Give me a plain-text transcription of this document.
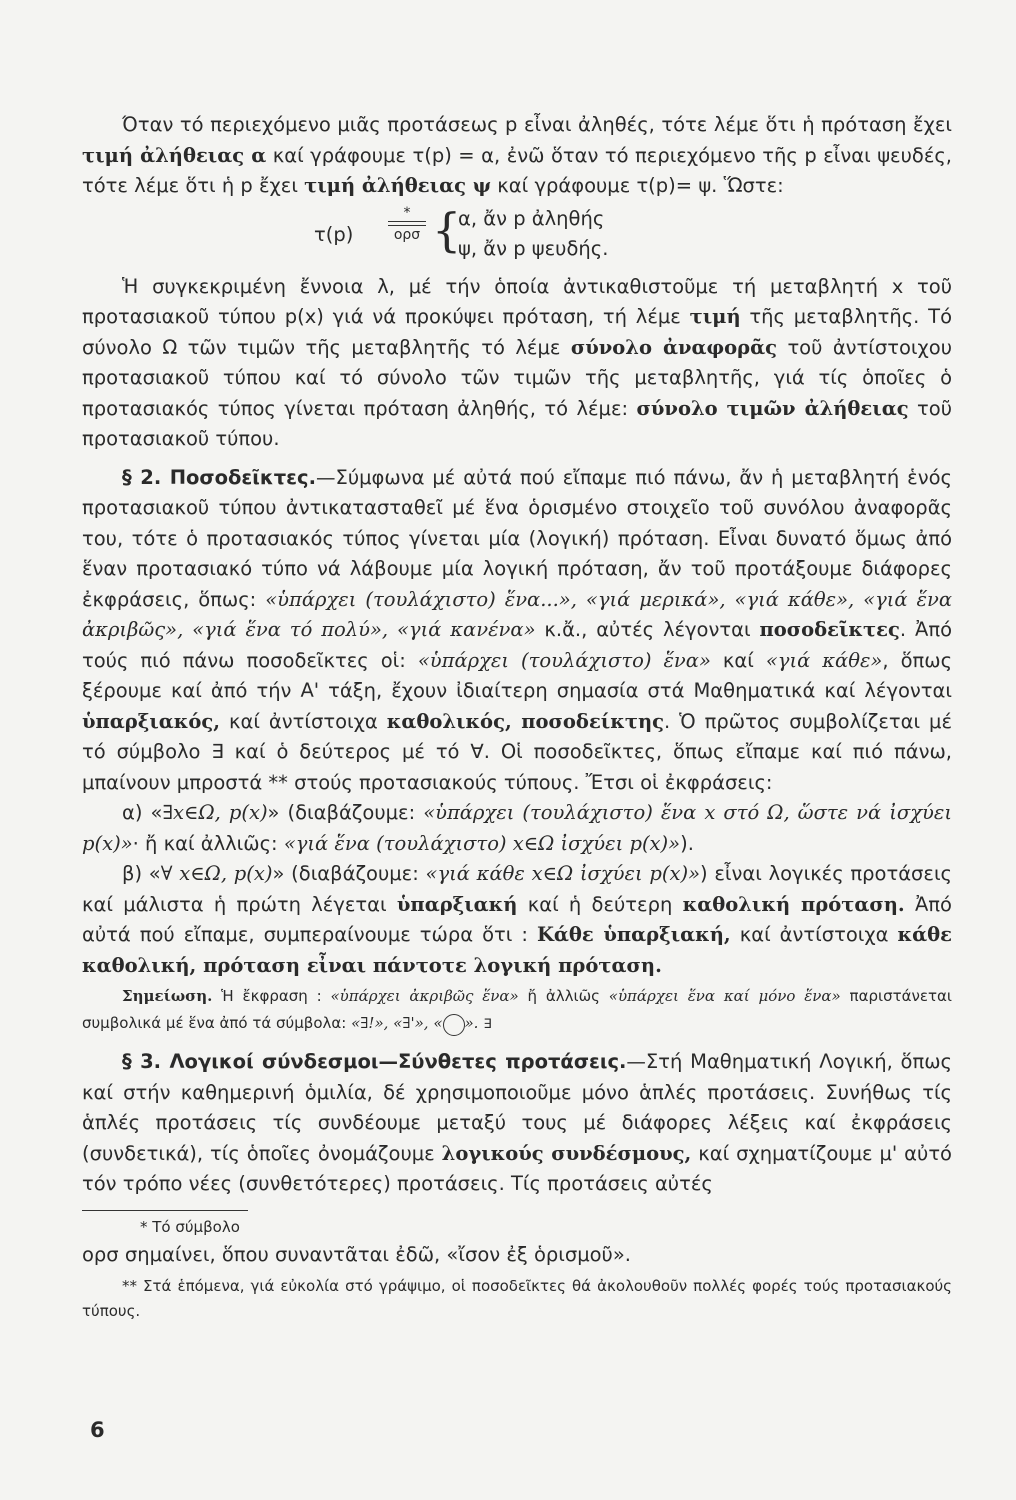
Όταν τό περιεχόμενο μιᾶς προτάσεως p εἶναι ἀληθές, τότε λέμε ὅτι ἡ πρόταση ἔχει τιμή ἀλήθειας α καί γράφουμε τ(p) = α, ἐνῶ ὅταν τό περιεχόμενο τῆς p εἶναι ψευδές, τότε λέμε ὅτι ἡ p ἔχει τιμή ἀλήθειας ψ καί γράφουμε τ(p)= ψ. Ὥστε:

τ(p)
*
ορσ {
α, ἄν p ἀληθής
ψ, ἄν p ψευδής.

Ἡ συγκεκριμένη ἔννοια λ, μέ τήν ὁποία ἀντικαθιστοῦμε τή μεταβλητή x τοῦ προτασιακοῦ τύπου p(x) γιά νά προκύψει πρόταση, τή λέμε τιμή τῆς μεταβλητῆς. Τό σύνολο Ω τῶν τιμῶν τῆς μεταβλητῆς τό λέμε σύνολο ἀναφορᾶς τοῦ ἀντίστοιχου προτασιακοῦ τύπου καί τό σύνολο τῶν τιμῶν τῆς μεταβλητῆς, γιά τίς ὁποῖες ὁ προτασιακός τύπος γίνεται πρόταση ἀληθής, τό λέμε: σύνολο τιμῶν ἀλήθειας τοῦ προτασιακοῦ τύπου.

§ 2. Ποσοδεῖκτες.—Σύμφωνα μέ αὐτά πού εἴπαμε πιό πάνω, ἄν ἡ μεταβλητή ἑνός προτασιακοῦ τύπου ἀντικατασταθεῖ μέ ἕνα ὁρισμένο στοιχεῖο τοῦ συνόλου ἀναφορᾶς του, τότε ὁ προτασιακός τύπος γίνεται μία (λογική) πρόταση. Εἶναι δυνατό ὅμως ἀπό ἕναν προτασιακό τύπο νά λάβουμε μία λογική πρόταση, ἄν τοῦ προτάξουμε διάφορες ἐκφράσεις, ὅπως: «ὑπάρχει (τουλάχιστο) ἕνα...», «γιά μερικά», «γιά κάθε», «γιά ἕνα ἀκριβῶς», «γιά ἕνα τό πολύ», «γιά κανένα» κ.ἄ., αὐτές λέγονται ποσοδεῖκτες. Ἀπό τούς πιό πάνω ποσοδεῖκτες οἱ: «ὑπάρχει (τουλάχιστο) ἕνα» καί «γιά κάθε», ὅπως ξέρουμε καί ἀπό τήν Α' τάξη, ἔχουν ἰδιαίτερη σημασία στά Μαθηματικά καί λέγονται ὑπαρξιακός, καί ἀντίστοιχα καθολικός, ποσοδείκτης. Ὁ πρῶτος συμβολίζεται μέ τό σύμβολο ∃ καί ὁ δεύτερος μέ τό ∀. Οἱ ποσοδεῖκτες, ὅπως εἴπαμε καί πιό πάνω, μπαίνουν μπροστά ** στούς προτασιακούς τύπους. Ἔτσι οἱ ἐκφράσεις:

α) «∃x∈Ω, p(x)» (διαβάζουμε: «ὑπάρχει (τουλάχιστο) ἕνα x στό Ω, ὥστε νά ἰσχύει p(x)»· ἤ καί ἀλλιῶς: «γιά ἕνα (τουλάχιστο) x∈Ω ἰσχύει p(x)»).

β) «∀ x∈Ω, p(x)» (διαβάζουμε: «γιά κάθε x∈Ω ἰσχύει p(x)») εἶναι λογικές προτάσεις καί μάλιστα ἡ πρώτη λέγεται ὑπαρξιακή καί ἡ δεύτερη καθολική πρόταση. Ἀπό αὐτά πού εἴπαμε, συμπεραίνουμε τώρα ὅτι : Κάθε ὑπαρξιακή, καί ἀντίστοιχα κάθε καθολική, πρόταση εἶναι πάντοτε λογική πρόταση.

Σημείωση. Ἡ ἔκφραση : «ὑπάρχει ἀκριβῶς ἕνα» ἤ ἀλλιῶς «ὑπάρχει ἕνα καί μόνο ἕνα» παριστάνεται συμβολικά μέ ἕνα ἀπό τά σύμβολα: «∃!», «∃'», «	∃».

§ 3. Λογικοί σύνδεσμοι—Σύνθετες προτάσεις.—Στή Μαθηματική Λογική, ὅπως καί στήν καθημερινή ὁμιλία, δέ χρησιμοποιοῦμε μόνο ἁπλές προτάσεις. Συνήθως τίς ἁπλές προτάσεις τίς συνδέουμε μεταξύ τους μέ διάφορες λέξεις καί ἐκφράσεις (συνδετικά), τίς ὁποῖες ὀνομάζουμε λογικούς συνδέσμους, καί σχηματίζουμε μ' αὐτό τόν τρόπο νέες (συνθετότερες) προτάσεις. Τίς προτάσεις αὐτές

* Τό σύμβολο

ορσ σημαίνει, ὅπου συναντᾶται ἐδῶ, «ἴσον ἐξ ὁρισμοῦ».

** Στά ἑπόμενα, γιά εὐκολία στό γράψιμο, οἱ ποσοδεῖκτες θά ἀκολουθοῦν πολλές φορές τούς προτασιακούς τύπους.

6
